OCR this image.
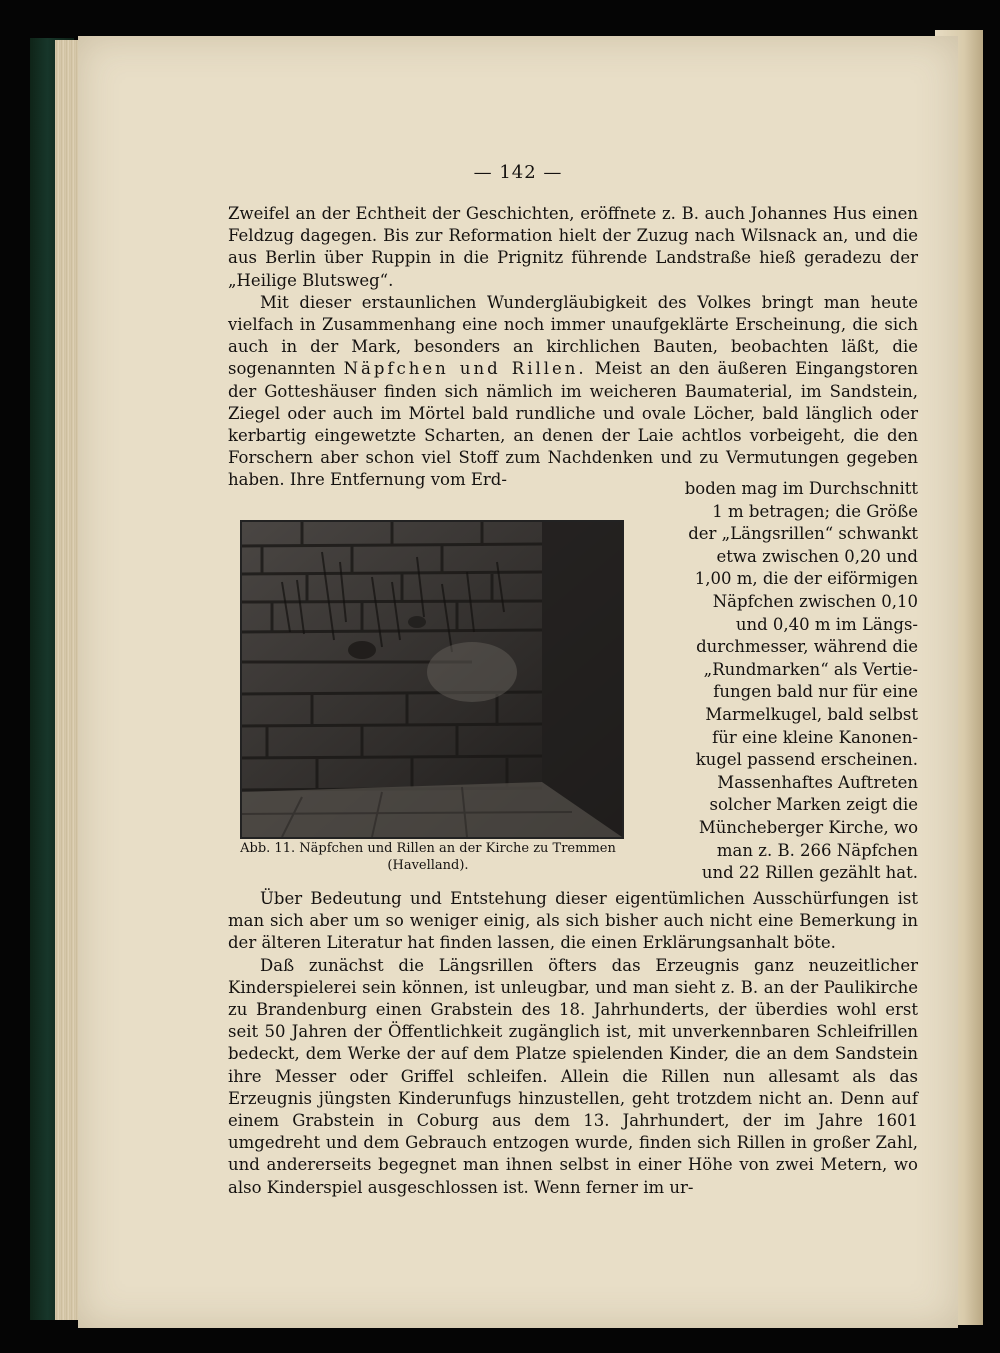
— 142 —

Zweifel an der Echtheit der Geschichten, eröffnete z. B. auch Johannes Hus einen Feldzug dagegen. Bis zur Reformation hielt der Zuzug nach Wilsnack an, und die aus Berlin über Ruppin in die Prignitz führende Landstraße hieß geradezu der „Heilige Blutsweg“.

Mit dieser erstaunlichen Wundergläubigkeit des Volkes bringt man heute vielfach in Zusammenhang eine noch immer unaufgeklärte Erscheinung, die sich auch in der Mark, besonders an kirchlichen Bauten, beobachten läßt, die sogenannten Näpfchen und Rillen. Meist an den äußeren Eingangstoren der Gotteshäuser finden sich nämlich im weicheren Baumaterial, im Sandstein, Ziegel oder auch im Mörtel bald rundliche und ovale Löcher, bald länglich oder kerbartig eingewetzte Scharten, an denen der Laie achtlos vorbeigeht, die den Forschern aber schon viel Stoff zum Nachdenken und zu Vermutungen gegeben haben. Ihre Entfernung vom Erd-

Abb. 11. Näpfchen und Rillen an der Kirche zu Tremmen
(Havelland).

boden mag im Durchschnitt
1 m betragen; die Größe
der „Längsrillen“ schwankt
etwa zwischen 0,20 und
1,00 m, die der eiförmigen
Näpfchen zwischen 0,10
und 0,40 m im Längs-
durchmesser, während die
„Rundmarken“ als Vertie-
fungen bald nur für eine
Marmelkugel, bald selbst
für eine kleine Kanonen-
kugel passend erscheinen.
Massenhaftes Auftreten
solcher Marken zeigt die
Müncheberger Kirche, wo
man z. B. 266 Näpfchen
und 22 Rillen gezählt hat.

Über Bedeutung und Entstehung dieser eigentümlichen Ausschürfungen ist man sich aber um so weniger einig, als sich bisher auch nicht eine Bemerkung in der älteren Literatur hat finden lassen, die einen Erklärungsanhalt böte.

Daß zunächst die Längsrillen öfters das Erzeugnis ganz neuzeitlicher Kinderspielerei sein können, ist unleugbar, und man sieht z. B. an der Paulikirche zu Brandenburg einen Grabstein des 18. Jahrhunderts, der überdies wohl erst seit 50 Jahren der Öffentlichkeit zugänglich ist, mit unverkennbaren Schleifrillen bedeckt, dem Werke der auf dem Platze spielenden Kinder, die an dem Sandstein ihre Messer oder Griffel schleifen. Allein die Rillen nun allesamt als das Erzeugnis jüngsten Kinderunfugs hinzustellen, geht trotzdem nicht an. Denn auf einem Grabstein in Coburg aus dem 13. Jahrhundert, der im Jahre 1601 umgedreht und dem Gebrauch entzogen wurde, finden sich Rillen in großer Zahl, und andererseits begegnet man ihnen selbst in einer Höhe von zwei Metern, wo also Kinderspiel ausgeschlossen ist. Wenn ferner im ur-
